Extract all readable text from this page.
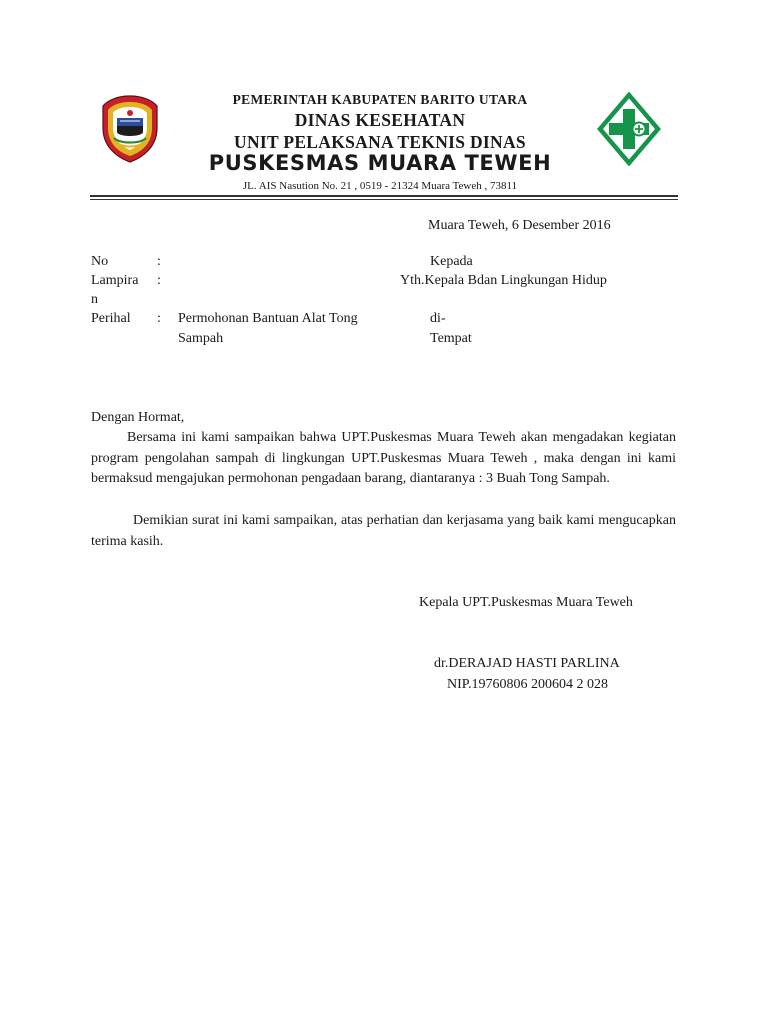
PEMERINTAH KABUPATEN BARITO UTARA
DINAS KESEHATAN
UNIT PELAKSANA TEKNIS DINAS
PUSKESMAS MUARA TEWEH
JL. AIS Nasution No. 21 , 0519 - 21324 Muara Teweh , 73811
Muara Teweh, 6 Desember 2016
No	:
Lampira :
n
Perihal : Permohonan Bantuan Alat Tong
Sampah
Kepada
Yth.Kepala Bdan Lingkungan Hidup
di-
Tempat
Dengan Hormat,

Bersama ini kami sampaikan bahwa UPT.Puskesmas Muara Teweh akan mengadakan kegiatan program pengolahan sampah di lingkungan UPT.Puskesmas Muara Teweh , maka dengan ini kami bermaksud mengajukan permohonan pengadaan barang, diantaranya : 3 Buah Tong Sampah.

Demikian surat ini kami sampaikan, atas perhatian dan kerjasama yang baik kami mengucapkan terima kasih.

Kepala UPT.Puskesmas Muara Teweh
dr.DERAJAD HASTI PARLINA
NIP.19760806 200604 2 028
